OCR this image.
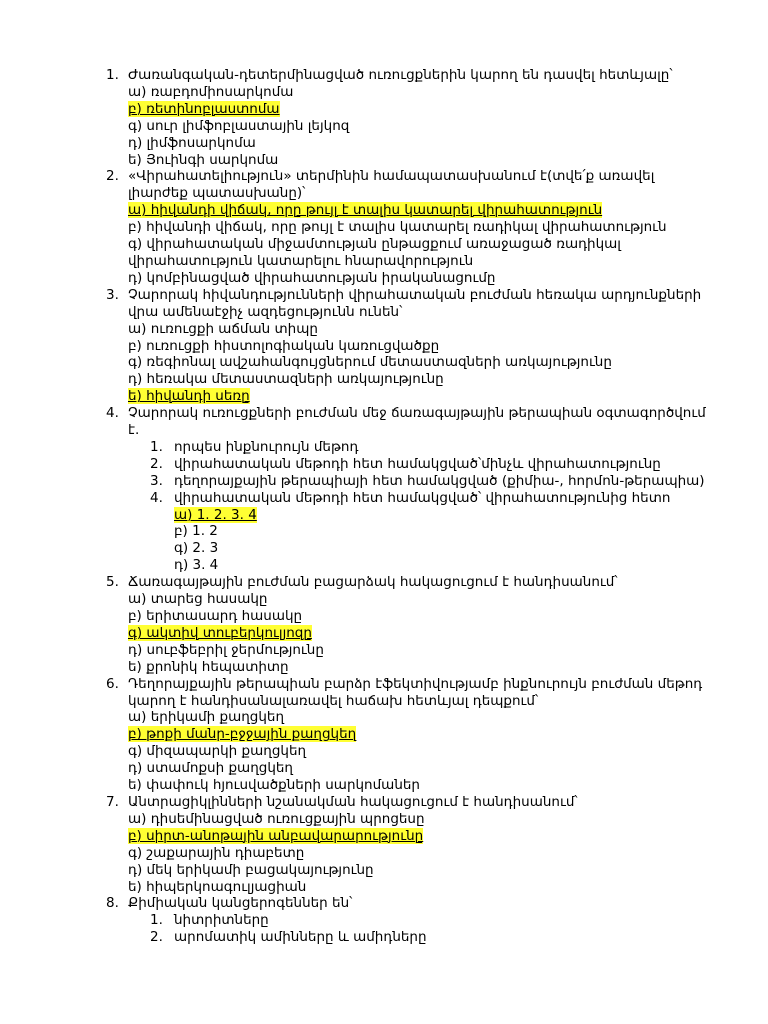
1. Ժառանգական-դետերմինացված ուռուցքներին կարող են դասվել հետևյալը՝
ա) ռաբդոմիոսարկոմա
բ) ռետինոբլաստոմա
գ) սուր լիմֆոբլաստային լեյկոզ
դ) լիմֆոսարկոմա
ե) Յուինգի սարկոմա
2. «Վիրահատելիություն» տերմինին համապատասխանում է(տվե՛ք առավել լիարժեք պատասխանը)՝
ա) հիվանդի վիճակ, որը թույլ է տալիս կատարել վիրահատություն
բ) հիվանդի վիճակ, որը թույլ է տալիս կատարել ռադիկալ վիրահատություն
գ) վիրահատական միջամտության ընթացքում առաջացած ռադիկալ վիրահատություն կատարելու հնարավորություն
դ) կոմբինացված վիրահատության իրականացումը
3. Չարորակ հիվանդությունների վիրահատական բուժման հեռակա արդյունքների վրա ամենաէջիչ ազդեցությունն ունեն՝
ա) ուռուցքի աճման տիպը
բ) ուռուցքի հիստոլոգիական կառուցվածքը
գ) ռեգիոնալ ավշահանգույցներում մետաստազների առկայությունը
դ) հեռակա մետաստազների առկայությունը
ե) հիվանդի սեռը
4. Չարորակ ուռուցքների բուժման մեջ ճառագայթային թերապիան օգտագործվում է.
1. որպես ինքնուրույն մեթոդ
2. վիրահատական մեթոդի հետ համակցված՝մինչև վիրահատությունը
3. դեղորայքային թերապիայի հետ համակցված (քիմիա-, հորմոն-թերապիա)
4. վիրահատական մեթոդի հետ համակցված՝ վիրահատությունից հետո
ա) 1. 2. 3. 4
բ) 1. 2
գ) 2. 3
դ) 3. 4
5. Ճառագայթային բուժման բացարձակ հակացուցում է հանդիսանում՝
ա) տարեց հասակը
բ) երիտասարդ հասակը
գ) ակտիվ տուբերկուլյոզը
դ) սուբֆեբրիլ ջերմությունը
ե) քրոնիկ հեպատիտը
6. Դեղորայքային թերապիան բարձր էֆեկտիվությամբ ինքնուրույն բուժման մեթոդ կարող է հանդիսանալառավել հաճախ հետևյալ դեպքում՝
ա) երիկամի քաղցկեղ
բ) թոքի մանր-բջջային քաղցկեղ
գ) միզապարկի քաղցկեղ
դ) ստամոքսի քաղցկեղ
ե) փափուկ հյուսվածքների սարկոմաներ
7. Անտրացիկլինների նշանակման հակացուցում է հանդիսանում՝
ա) դիսեմինացված ուռուցքային պրոցեսը
բ) սիրտ-անոթային անբավարարությունը
գ) շաքարային դիաբետը
դ) մեկ երիկամի բացակայությունը
ե) հիպերկոագուլյացիան
8. Քիմիական կանցերոգեններ են՝
1. նիտրիտները
2. արոմատիկ ամինները և ամիդները
